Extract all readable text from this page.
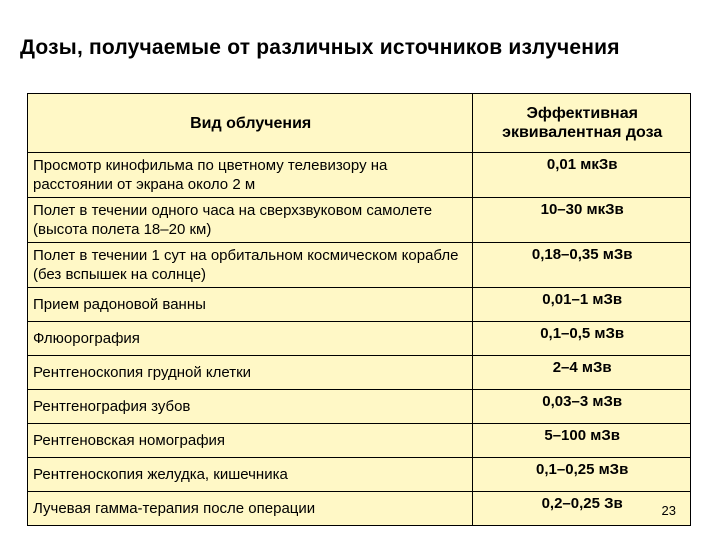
Дозы, получаемые от различных источников излучения
Вид облучения	Эффективная эквивалентная доза
Просмотр кинофильма по цветному телевизору на расстоянии от экрана около 2 м	0,01 мкЗв
Полет в течении одного часа на сверхзвуковом самолете (высота полета 18–20 км)	10–30 мкЗв
Полет в течении 1 сут на орбитальном космическом корабле (без вспышек на солнце)	0,18–0,35 мЗв
Прием радоновой ванны	0,01–1 мЗв
Флюорография	0,1–0,5 мЗв
Рентгеноскопия грудной клетки	2–4 мЗв
Рентгенография зубов	0,03–3 мЗв
Рентгеновская номография	5–100 мЗв
Рентгеноскопия желудка, кишечника	0,1–0,25 мЗв
Лучевая гамма-терапия после операции	0,2–0,25 Зв	23
